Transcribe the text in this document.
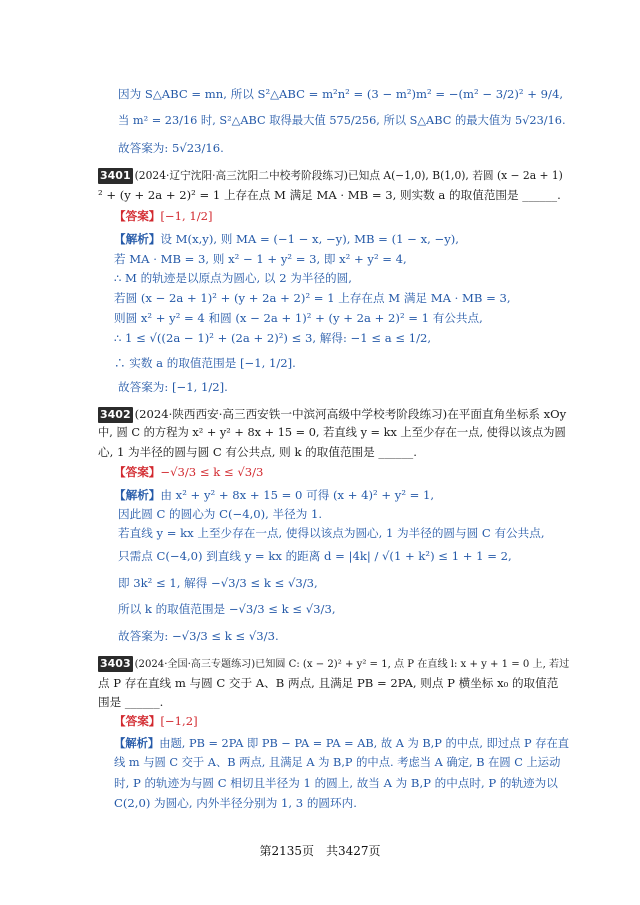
因为 S△ABC = mn, 所以 S²△ABC = m²n² = (3 − m²)m² = −(m² − 3/2)² + 9/4,
当 m² = 23/16 时, S²△ABC 取得最大值 575/256, 所以 S△ABC 的最大值为 5√23/16.
故答案为: 5√23/16.
3401 (2024·辽宁沈阳·高三沈阳二中校考阶段练习)已知点 A(−1,0), B(1,0), 若圆 (x − 2a + 1)
² + (y + 2a + 2)² = 1 上存在点 M 满足 MA · MB = 3, 则实数 a 的取值范围是 ______.
【答案】[−1, 1/2]
【解析】设 M(x,y), 则 MA = (−1 − x, −y), MB = (1 − x, −y),
若 MA · MB = 3, 则 x² − 1 + y² = 3, 即 x² + y² = 4,
∴ M 的轨迹是以原点为圆心, 以 2 为半径的圆,
若圆 (x − 2a + 1)² + (y + 2a + 2)² = 1 上存在点 M 满足 MA · MB = 3,
则圆 x² + y² = 4 和圆 (x − 2a + 1)² + (y + 2a + 2)² = 1 有公共点,
∴ 1 ≤ √((2a − 1)² + (2a + 2)²) ≤ 3, 解得: −1 ≤ a ≤ 1/2,
∴ 实数 a 的取值范围是 [−1, 1/2].
故答案为: [−1, 1/2].
3402 (2024·陕西西安·高三西安铁一中滨河高级中学校考阶段练习)在平面直角坐标系 xOy
中, 圆 C 的方程为 x² + y² + 8x + 15 = 0, 若直线 y = kx 上至少存在一点, 使得以该点为圆
心, 1 为半径的圆与圆 C 有公共点, 则 k 的取值范围是 ______.
【答案】−√3/3 ≤ k ≤ √3/3
【解析】由 x² + y² + 8x + 15 = 0 可得 (x + 4)² + y² = 1,
因此圆 C 的圆心为 C(−4,0), 半径为 1.
若直线 y = kx 上至少存在一点, 使得以该点为圆心, 1 为半径的圆与圆 C 有公共点,
只需点 C(−4,0) 到直线 y = kx 的距离 d = |4k| / √(1 + k²) ≤ 1 + 1 = 2,
即 3k² ≤ 1, 解得 −√3/3 ≤ k ≤ √3/3,
所以 k 的取值范围是 −√3/3 ≤ k ≤ √3/3,
故答案为: −√3/3 ≤ k ≤ √3/3.
3403 (2024·全国·高三专题练习)已知圆 C: (x − 2)² + y² = 1, 点 P 在直线 l: x + y + 1 = 0 上, 若过
点 P 存在直线 m 与圆 C 交于 A、B 两点, 且满足 PB = 2PA, 则点 P 横坐标 x₀ 的取值范
围是 ______.
【答案】[−1,2]
【解析】由题, PB = 2PA 即 PB − PA = PA = AB, 故 A 为 B,P 的中点, 即过点 P 存在直
线 m 与圆 C 交于 A、B 两点, 且满足 A 为 B,P 的中点. 考虑当 A 确定, B 在圆 C 上运动
时, P 的轨迹为与圆 C 相切且半径为 1 的圆上, 故当 A 为 B,P 的中点时, P 的轨迹为以
C(2,0) 为圆心, 内外半径分别为 1, 3 的圆环内.
第2135页 共3427页
